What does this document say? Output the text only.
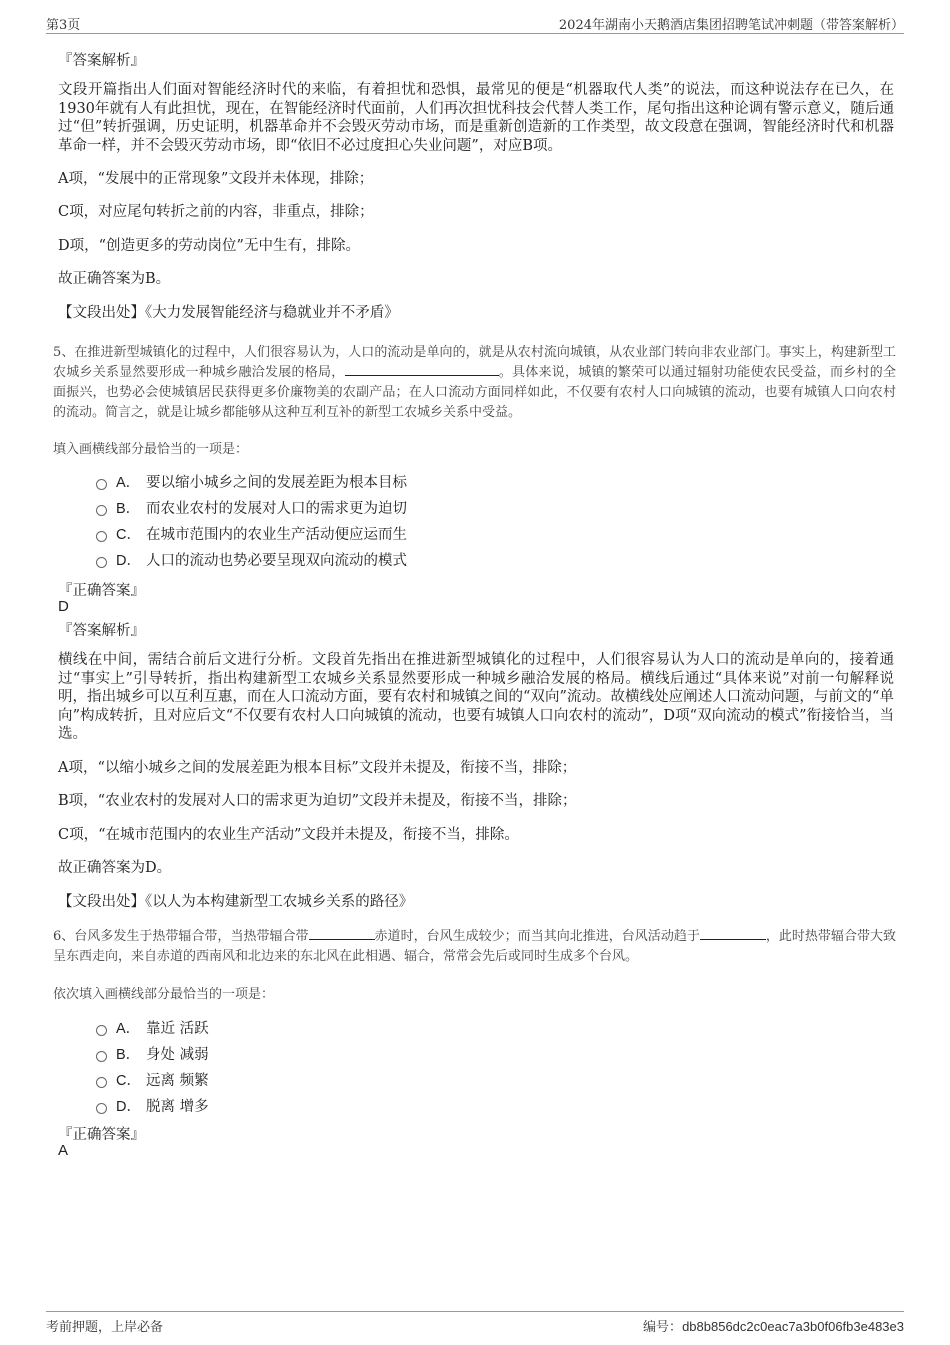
第3页	2024年湖南小天鹅酒店集团招聘笔试冲刺题（带答案解析）
『答案解析』
文段开篇指出人们面对智能经济时代的来临，有着担忧和恐惧，最常见的便是“机器取代人类”的说法，而这种说法存在已久，在1930年就有人有此担忧，现在，在智能经济时代面前，人们再次担忧科技会代替人类工作，尾句指出这种论调有警示意义，随后通过“但”转折强调，历史证明，机器革命并不会毁灭劳动市场，而是重新创造新的工作类型，故文段意在强调，智能经济时代和机器革命一样，并不会毁灭劳动市场，即“依旧不必过度担心失业问题”，对应B项。
A项，“发展中的正常现象”文段并未体现，排除；
C项，对应尾句转折之前的内容，非重点，排除；
D项，“创造更多的劳动岗位”无中生有，排除。
故正确答案为B。
【文段出处】《大力发展智能经济与稳就业并不矛盾》
5、在推进新型城镇化的过程中，人们很容易认为，人口的流动是单向的，就是从农村流向城镇，从农业部门转向非农业部门。事实上，构建新型工农城乡关系显然要形成一种城乡融洽发展的格局，	。具体来说，城镇的繁荣可以通过辐射功能使农民受益，而乡村的全面振兴，也势必会使城镇居民获得更多价廉物美的农副产品；在人口流动方面同样如此，不仅要有农村人口向城镇的流动，也要有城镇人口向农村的流动。简言之，就是让城乡都能够从这种互利互补的新型工农城乡关系中受益。
填入画横线部分最恰当的一项是：
A． 要以缩小城乡之间的发展差距为根本目标
B． 而农业农村的发展对人口的需求更为迫切
C． 在城市范围内的农业生产活动便应运而生
D． 人口的流动也势必要呈现双向流动的模式
『正确答案』
D
『答案解析』
横线在中间，需结合前后文进行分析。文段首先指出在推进新型城镇化的过程中，人们很容易认为人口的流动是单向的，接着通过“事实上”引导转折，指出构建新型工农城乡关系显然要形成一种城乡融洽发展的格局。横线后通过“具体来说”对前一句解释说明，指出城乡可以互利互惠，而在人口流动方面，要有农村和城镇之间的“双向”流动。故横线处应阐述人口流动问题，与前文的“单向”构成转折，且对应后文“不仅要有农村人口向城镇的流动，也要有城镇人口向农村的流动”，D项“双向流动的模式”衔接恰当，当选。
A项，“以缩小城乡之间的发展差距为根本目标”文段并未提及，衔接不当，排除；
B项，“农业农村的发展对人口的需求更为迫切”文段并未提及，衔接不当，排除；
C项，“在城市范围内的农业生产活动”文段并未提及，衔接不当，排除。
故正确答案为D。
【文段出处】《以人为本构建新型工农城乡关系的路径》
6、台风多发生于热带辐合带，当热带辐合带	赤道时，台风生成较少；而当其向北推进，台风活动趋于	，此时热带辐合带大致呈东西走向，来自赤道的西南风和北边来的东北风在此相遇、辐合，常常会先后或同时生成多个台风。
依次填入画横线部分最恰当的一项是：
A． 靠近 活跃
B． 身处 减弱
C． 远离 频繁
D． 脱离 增多
『正确答案』
A
考前押题，上岸必备	编号：db8b856dc2c0eac7a3b0f06fb3e483e3
